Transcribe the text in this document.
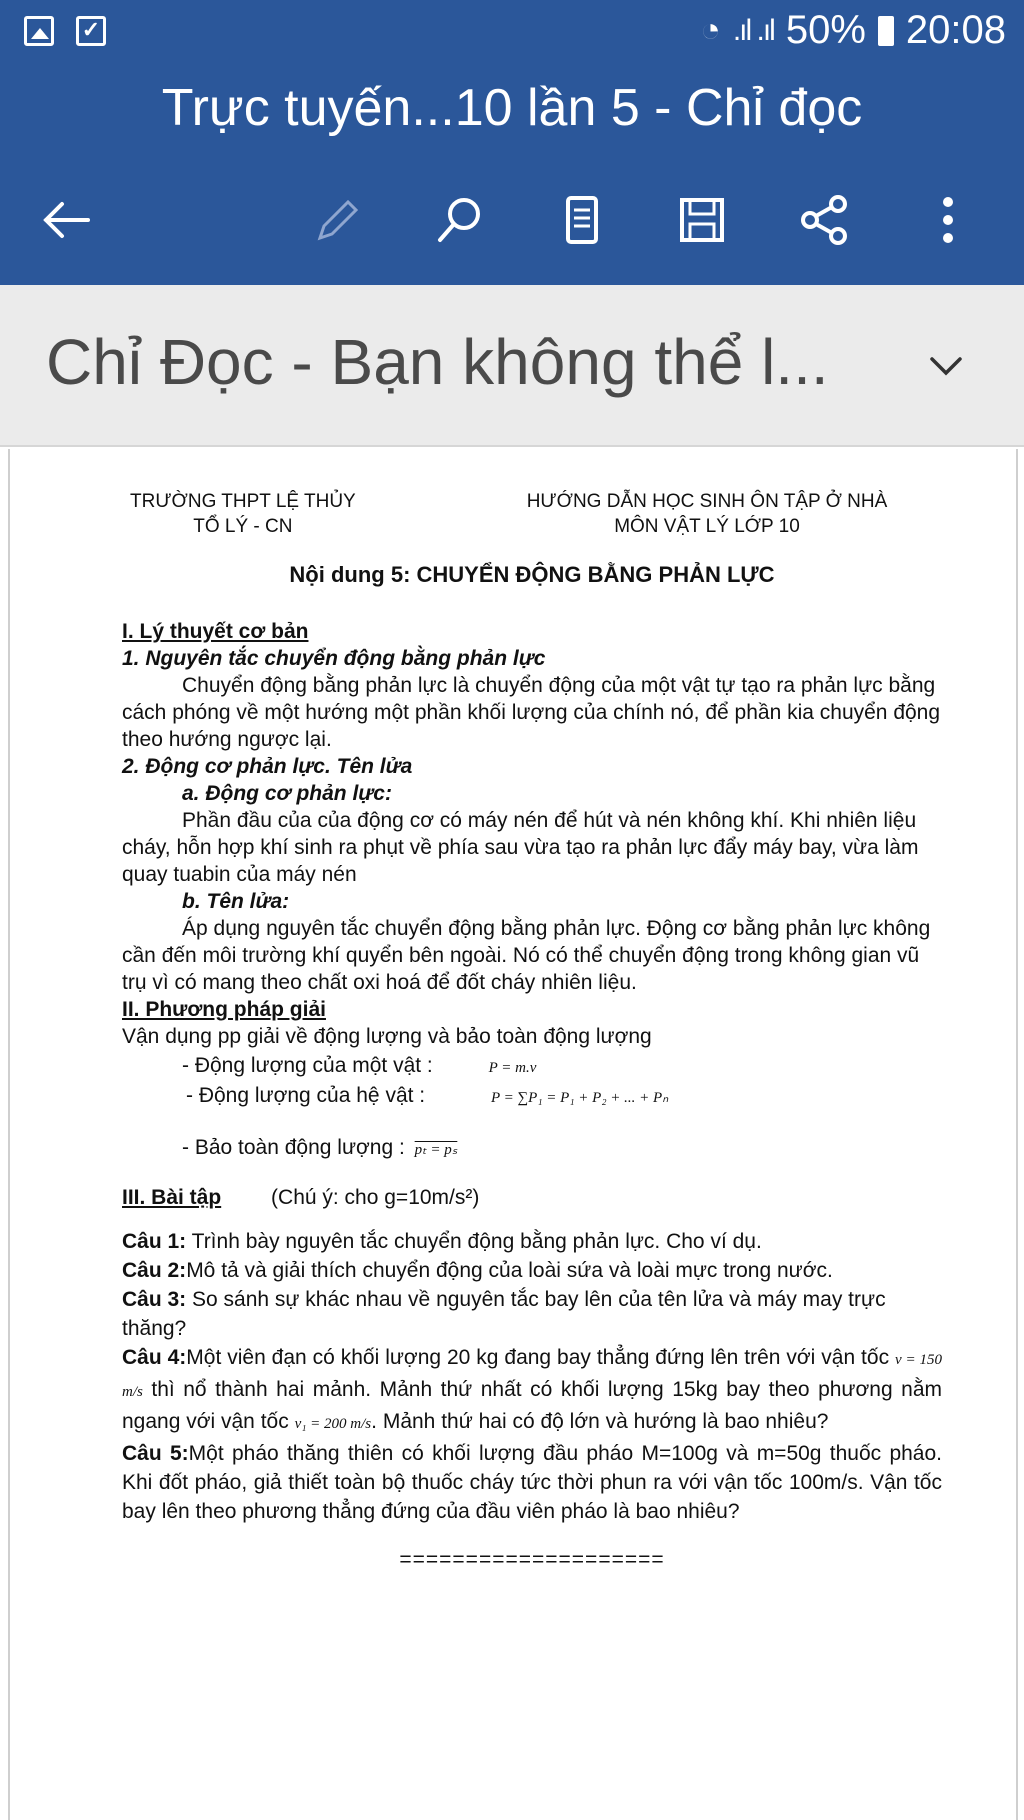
✓	◔ .ıl .ıl 50% 20:08
Trực tuyến...10 lần 5 - Chỉ đọc
Chỉ Đọc - Bạn không thể l...
TRƯỜNG THPT LỆ THỦY
TỔ LÝ - CN
HƯỚNG DẪN HỌC SINH ÔN TẬP Ở NHÀ
MÔN VẬT LÝ LỚP 10
Nội dung 5: CHUYỂN ĐỘNG BẰNG PHẢN LỰC

I. Lý thuyết cơ bản

1. Nguyên tắc chuyển động bằng phản lực

Chuyển động bằng phản lực là chuyển động của một vật tự tạo ra phản lực bằng cách phóng về một hướng một phần khối lượng của chính nó, để phần kia chuyển động theo hướng ngược lại.

2. Động cơ phản lực. Tên lửa

a. Động cơ phản lực:

Phần đầu của của động cơ có máy nén để hút và nén không khí. Khi nhiên liệu cháy, hỗn hợp khí sinh ra phụt về phía sau vừa tạo ra phản lực đẩy máy bay, vừa làm quay tuabin của máy nén

b. Tên lửa:

Áp dụng nguyên tắc chuyển động bằng phản lực. Động cơ bằng phản lực không cần đến môi trường khí quyển bên ngoài. Nó có thể chuyển động trong không gian vũ trụ vì có mang theo chất oxi hoá để đốt cháy nhiên liệu.

II. Phương pháp giải

Vận dụng pp giải về động lượng và bảo toàn động lượng

- Động lượng của một vật :	P = m.v

- Động lượng của hệ vật :	P = ∑P₁ = P₁ + P₂ + ... + Pₙ

- Bảo toàn động lượng : pₜ = pₛ

III. Bài tập (Chú ý: cho g=10m/s²)

Câu 1: Trình bày nguyên tắc chuyển động bằng phản lực. Cho ví dụ.

Câu 2:Mô tả và giải thích chuyển động của loài sứa và loài mực trong nước.

Câu 3: So sánh sự khác nhau về nguyên tắc bay lên của tên lửa và máy may trực thăng?

Câu 4:Một viên đạn có khối lượng 20 kg đang bay thẳng đứng lên trên với vận tốc v = 150 m/s thì nổ thành hai mảnh. Mảnh thứ nhất có khối lượng 15kg bay theo phương nằm ngang với vận tốc v₁ = 200 m/s. Mảnh thứ hai có độ lớn và hướng là bao nhiêu?

Câu 5:Một pháo thăng thiên có khối lượng đầu pháo M=100g và m=50g thuốc pháo. Khi đốt pháo, giả thiết toàn bộ thuốc cháy tức thời phun ra với vận tốc 100m/s. Vận tốc bay lên theo phương thẳng đứng của đầu viên pháo là bao nhiêu?

====================
